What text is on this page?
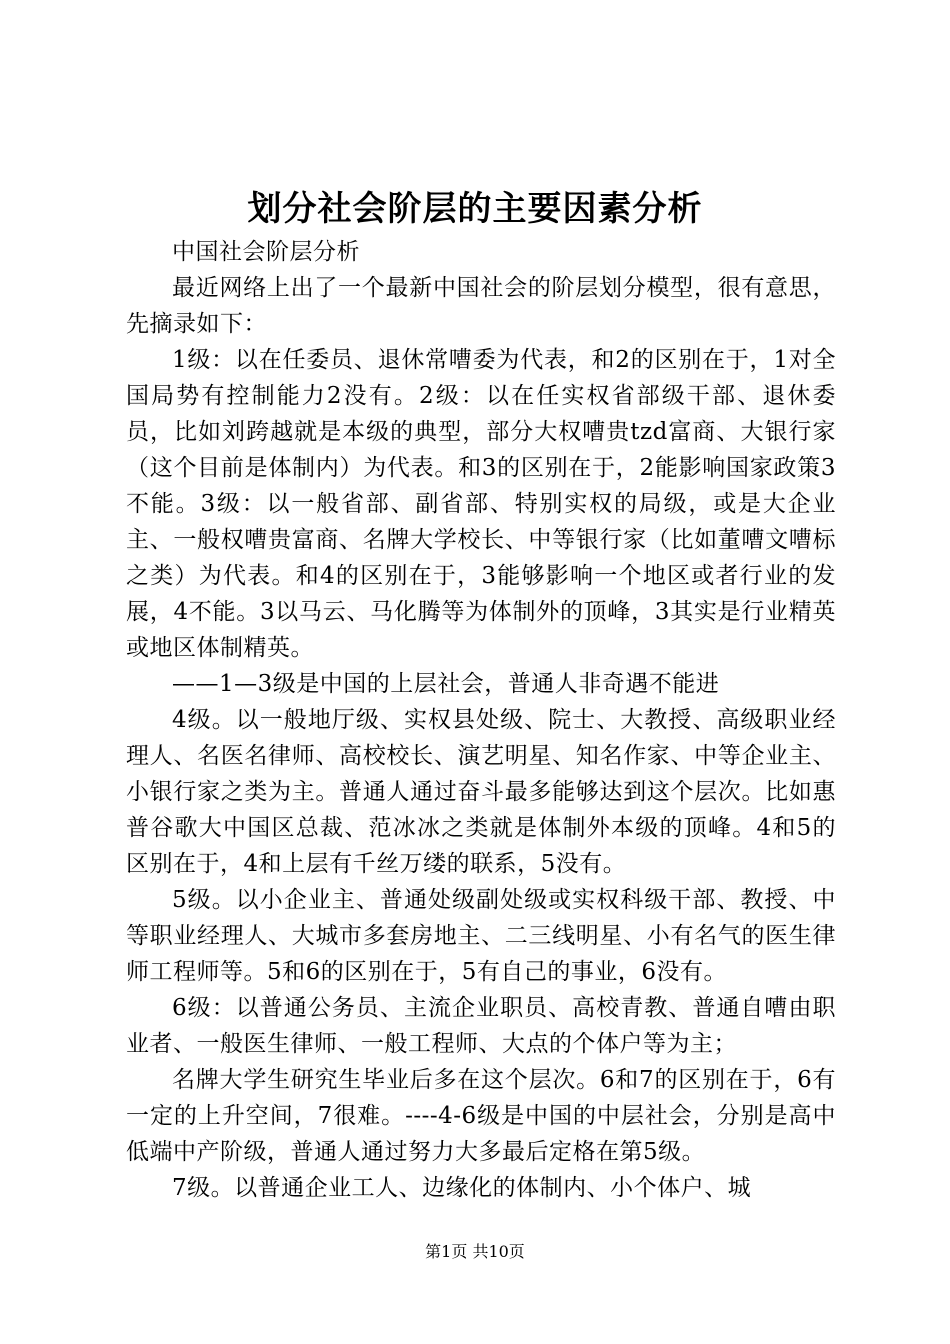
划分社会阶层的主要因素分析

中国社会阶层分析

最近网络上出了一个最新中国社会的阶层划分模型，很有意思，先摘录如下：

1级：以在任委员、退休常嘈委为代表，和2的区别在于，1对全国局势有控制能力2没有。2级：以在任实权省部级干部、退休委员，比如刘跨越就是本级的典型，部分大权嘈贵tzd富商、大银行家（这个目前是体制内）为代表。和3的区别在于，2能影响国家政策3不能。3级：以一般省部、副省部、特别实权的局级，或是大企业主、一般权嘈贵富商、名牌大学校长、中等银行家（比如董嘈文嘈标之类）为代表。和4的区别在于，3能够影响一个地区或者行业的发展，4不能。3以马云、马化腾等为体制外的顶峰，3其实是行业精英或地区体制精英。

——1—3级是中国的上层社会，普通人非奇遇不能进

4级。以一般地厅级、实权县处级、院士、大教授、高级职业经理人、名医名律师、高校校长、演艺明星、知名作家、中等企业主、小银行家之类为主。普通人通过奋斗最多能够达到这个层次。比如惠普谷歌大中国区总裁、范冰冰之类就是体制外本级的顶峰。4和5的区别在于，4和上层有千丝万缕的联系，5没有。

5级。以小企业主、普通处级副处级或实权科级干部、教授、中等职业经理人、大城市多套房地主、二三线明星、小有名气的医生律师工程师等。5和6的区别在于，5有自己的事业，6没有。

6级：以普通公务员、主流企业职员、高校青教、普通自嘈由职业者、一般医生律师、一般工程师、大点的个体户等为主；

名牌大学生研究生毕业后多在这个层次。6和7的区别在于，6有一定的上升空间，7很难。----4-6级是中国的中层社会，分别是高中低端中产阶级，普通人通过努力大多最后定格在第5级。

7级。以普通企业工人、边缘化的体制内、小个体户、城

第1页 共10页
